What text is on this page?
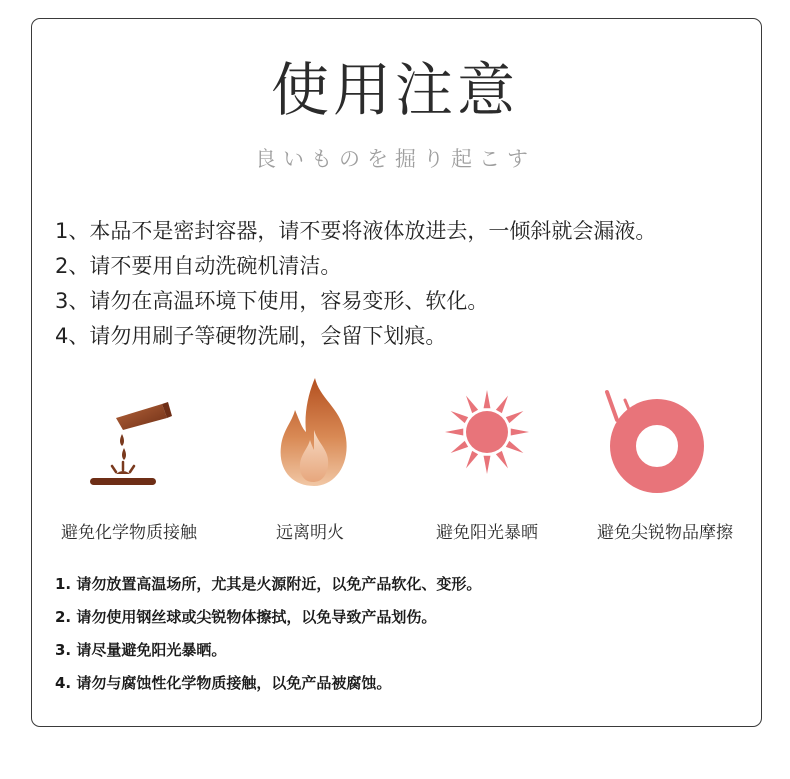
使用注意
良いものを掘り起こす
1、本品不是密封容器，请不要将液体放进去，一倾斜就会漏液。
2、请不要用自动洗碗机清洁。
3、请勿在高温环境下使用，容易变形、软化。
4、请勿用刷子等硬物洗刷，会留下划痕。
避免化学物质接触	远离明火	避免阳光暴晒	避免尖锐物品摩擦
1. 请勿放置高温场所，尤其是火源附近，以免产品软化、变形。
2. 请勿使用钢丝球或尖锐物体擦拭，以免导致产品划伤。
3. 请尽量避免阳光暴晒。
4. 请勿与腐蚀性化学物质接触，以免产品被腐蚀。
